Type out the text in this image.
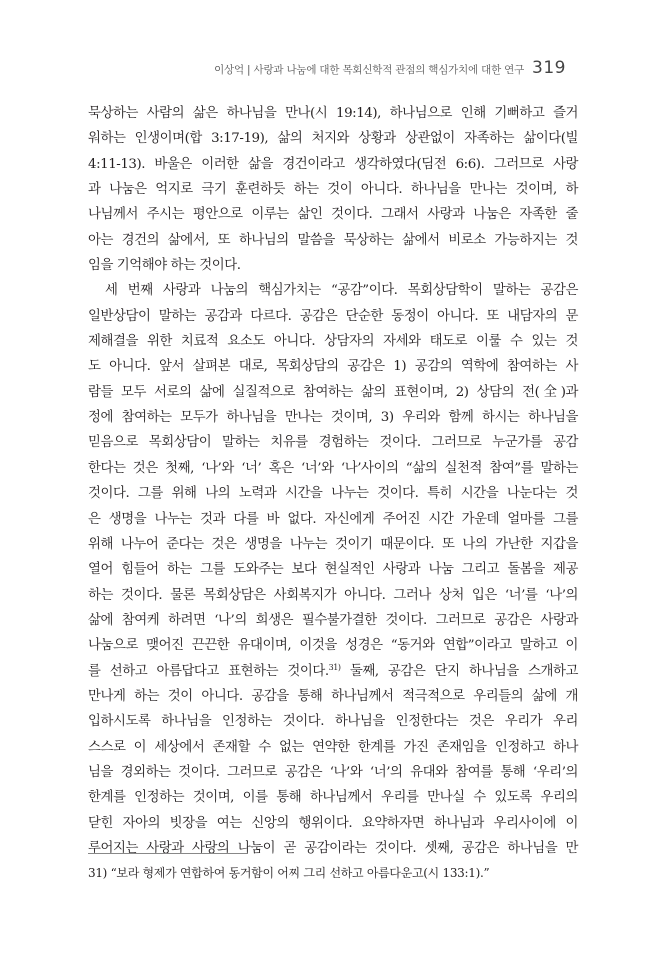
이상억 | 사랑과 나눔에 대한 목회신학적 관점의 핵심가치에 대한 연구 319
묵상하는 사람의 삶은 하나님을 만나(시 19:14), 하나님으로 인해 기뻐하고 즐거
워하는 인생이며(합 3:17-19), 삶의 처지와 상황과 상관없이 자족하는 삶이다(빌
4:11-13). 바울은 이러한 삶을 경건이라고 생각하였다(딤전 6:6). 그러므로 사랑
과 나눔은 억지로 극기 훈련하듯 하는 것이 아니다. 하나님을 만나는 것이며, 하
나님께서 주시는 평안으로 이루는 삶인 것이다. 그래서 사랑과 나눔은 자족한 줄
아는 경건의 삶에서, 또 하나님의 말씀을 묵상하는 삶에서 비로소 가능하지는 것
임을 기억해야 하는 것이다.
세 번째 사랑과 나눔의 핵심가치는 “공감”이다. 목회상담학이 말하는 공감은
일반상담이 말하는 공감과 다르다. 공감은 단순한 동정이 아니다. 또 내담자의 문
제해결을 위한 치료적 요소도 아니다. 상담자의 자세와 태도로 이룰 수 있는 것
도 아니다. 앞서 살펴본 대로, 목회상담의 공감은 1) 공감의 역학에 참여하는 사
람들 모두 서로의 삶에 실질적으로 참여하는 삶의 표현이며, 2) 상담의 전(全)과
정에 참여하는 모두가 하나님을 만나는 것이며, 3) 우리와 함께 하시는 하나님을
믿음으로 목회상담이 말하는 치유를 경험하는 것이다. 그러므로 누군가를 공감
한다는 것은 첫째, ‘나’와 ‘너’ 혹은 ‘너’와 ‘나’사이의 “삶의 실천적 참여”를 말하는
것이다. 그를 위해 나의 노력과 시간을 나누는 것이다. 특히 시간을 나눈다는 것
은 생명을 나누는 것과 다를 바 없다. 자신에게 주어진 시간 가운데 얼마를 그를
위해 나누어 준다는 것은 생명을 나누는 것이기 때문이다. 또 나의 가난한 지갑을
열어 힘들어 하는 그를 도와주는 보다 현실적인 사랑과 나눔 그리고 돌봄을 제공
하는 것이다. 물론 목회상담은 사회복지가 아니다. 그러나 상처 입은 ‘너’를 ‘나’의
삶에 참여케 하려면 ‘나’의 희생은 필수불가결한 것이다. 그러므로 공감은 사랑과
나눔으로 맺어진 끈끈한 유대이며, 이것을 성경은 “동거와 연합”이라고 말하고 이
를 선하고 아름답다고 표현하는 것이다.$^{31)}$ 둘째, 공감은 단지 하나님을 스개하고
만나게 하는 것이 아니다. 공감을 통해 하나님께서 적극적으로 우리들의 삶에 개
입하시도록 하나님을 인정하는 것이다. 하나님을 인정한다는 것은 우리가 우리
스스로 이 세상에서 존재할 수 없는 연약한 한계를 가진 존재임을 인정하고 하나
님을 경외하는 것이다. 그러므로 공감은 ‘나’와 ‘너’의 유대와 참여를 통해 ‘우리’의
한계를 인정하는 것이며, 이를 통해 하나님께서 우리를 만나실 수 있도록 우리의
닫힌 자아의 빗장을 여는 신앙의 행위이다. 요약하자면 하나님과 우리사이에 이
루어지는 사랑과 사랑의 나눔이 곧 공감이라는 것이다. 셋째, 공감은 하나님을 만
31) “보라 형제가 연합하여 동거함이 어찌 그리 선하고 아름다운고(시 133:1).”
